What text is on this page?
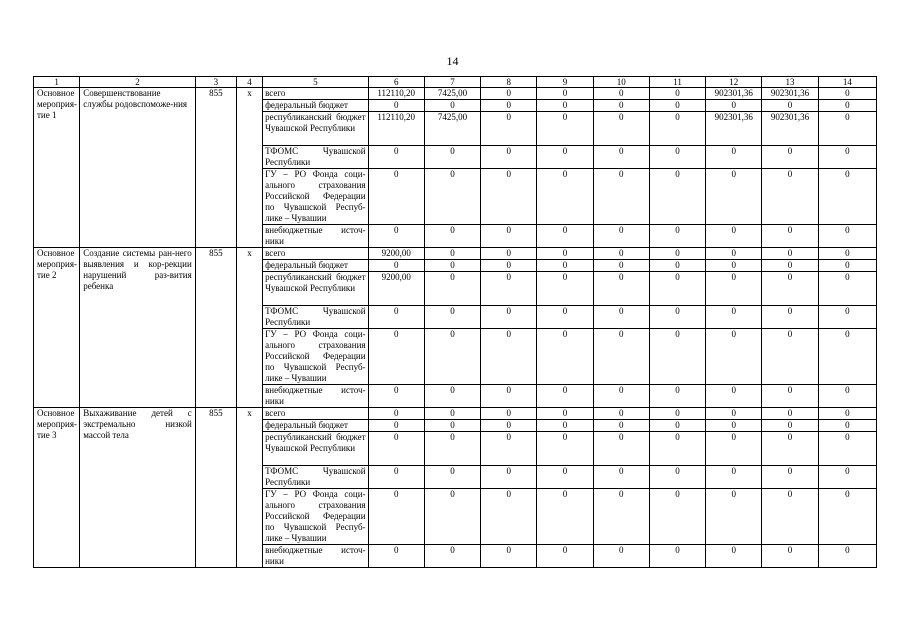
14
1	2	3	4	5	6	7	8	9	10	11	12	13	14
Основное мероприя-тие 1	Совершенствование службы родовспоможе-ния	855	х	всего	112110,20	7425,00	0	0	0	0	902301,36	902301,36	0
				федеральный бюджет	0	0	0	0	0	0	0	0	0
				республиканский бюджет Чувашской Республики	112110,20	7425,00	0	0	0	0	902301,36	902301,36	0
				ТФОМС Чувашской Республики	0	0	0	0	0	0	0	0	0
				ГУ – РО Фонда соци-ального страхования Российской Федерации по Чувашской Респуб-лике – Чувашии	0	0	0	0	0	0	0	0	0
				внебюджетные источ-ники	0	0	0	0	0	0	0	0	0
Основное мероприя-тие 2	Создание системы ран-него выявления и кор-рекции нарушений раз-вития ребенка	855	х	всего	9200,00	0	0	0	0	0	0	0	0
				федеральный бюджет	0	0	0	0	0	0	0	0	0
				республиканский бюджет Чувашской Республики	9200,00	0	0	0	0	0	0	0	0
				ТФОМС Чувашской Республики	0	0	0	0	0	0	0	0	0
				ГУ – РО Фонда соци-ального страхования Российской Федерации по Чувашской Респуб-лике – Чувашии	0	0	0	0	0	0	0	0	0
				внебюджетные источ-ники	0	0	0	0	0	0	0	0	0
Основное мероприя-тие 3	Выхаживание детей с экстремально низкой массой тела	855	х	всего	0	0	0	0	0	0	0	0	0
				федеральный бюджет	0	0	0	0	0	0	0	0	0
				республиканский бюджет Чувашской Республики	0	0	0	0	0	0	0	0	0
				ТФОМС Чувашской Республики	0	0	0	0	0	0	0	0	0
				ГУ – РО Фонда соци-ального страхования Российской Федерации по Чувашской Респуб-лике – Чувашии	0	0	0	0	0	0	0	0	0
				внебюджетные источ-ники	0	0	0	0	0	0	0	0	0
